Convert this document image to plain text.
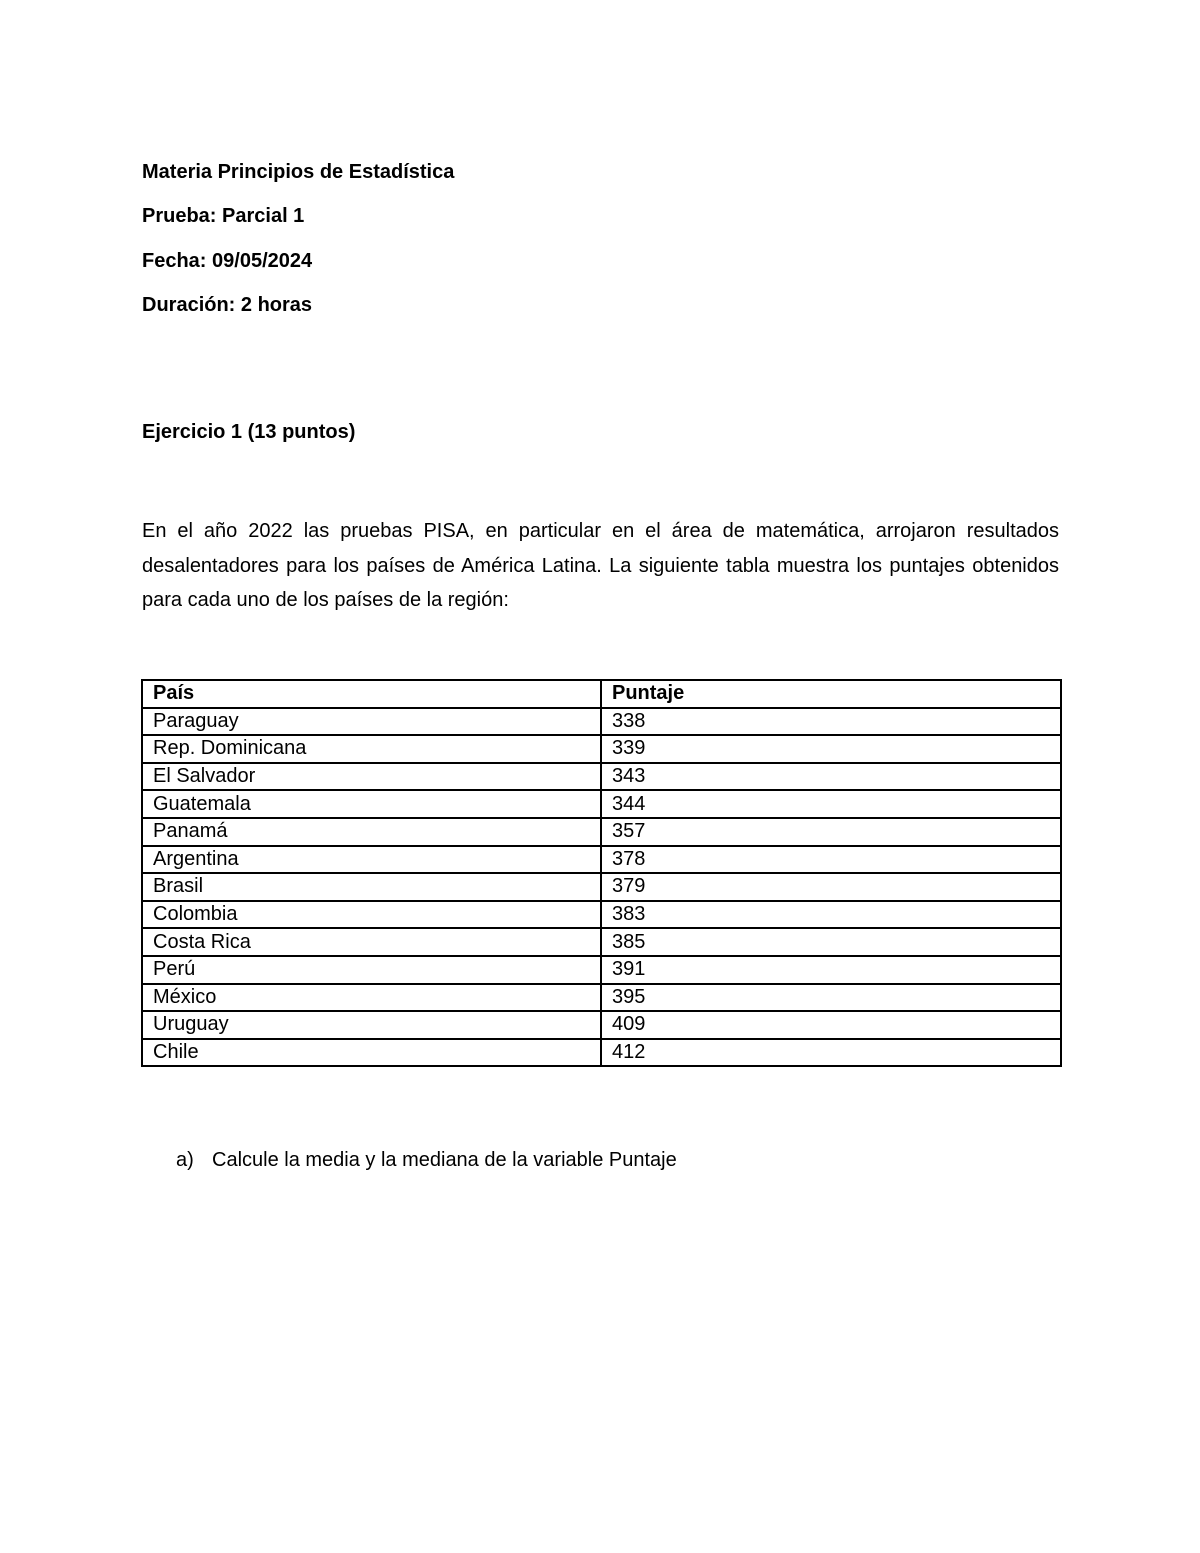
Materia Principios de Estadística
Prueba: Parcial 1
Fecha: 09/05/2024
Duración: 2 horas
Ejercicio 1 (13 puntos)

En el año 2022 las pruebas PISA, en particular en el área de matemática, arrojaron resultados desalentadores para los países de América Latina. La siguiente tabla muestra los puntajes obtenidos para cada uno de los países de la región:

País	Puntaje
Paraguay	338
Rep. Dominicana	339
El Salvador	343
Guatemala	344
Panamá	357
Argentina	378
Brasil	379
Colombia	383
Costa Rica	385
Perú	391
México	395
Uruguay	409
Chile	412
a) Calcule la media y la mediana de la variable Puntaje
